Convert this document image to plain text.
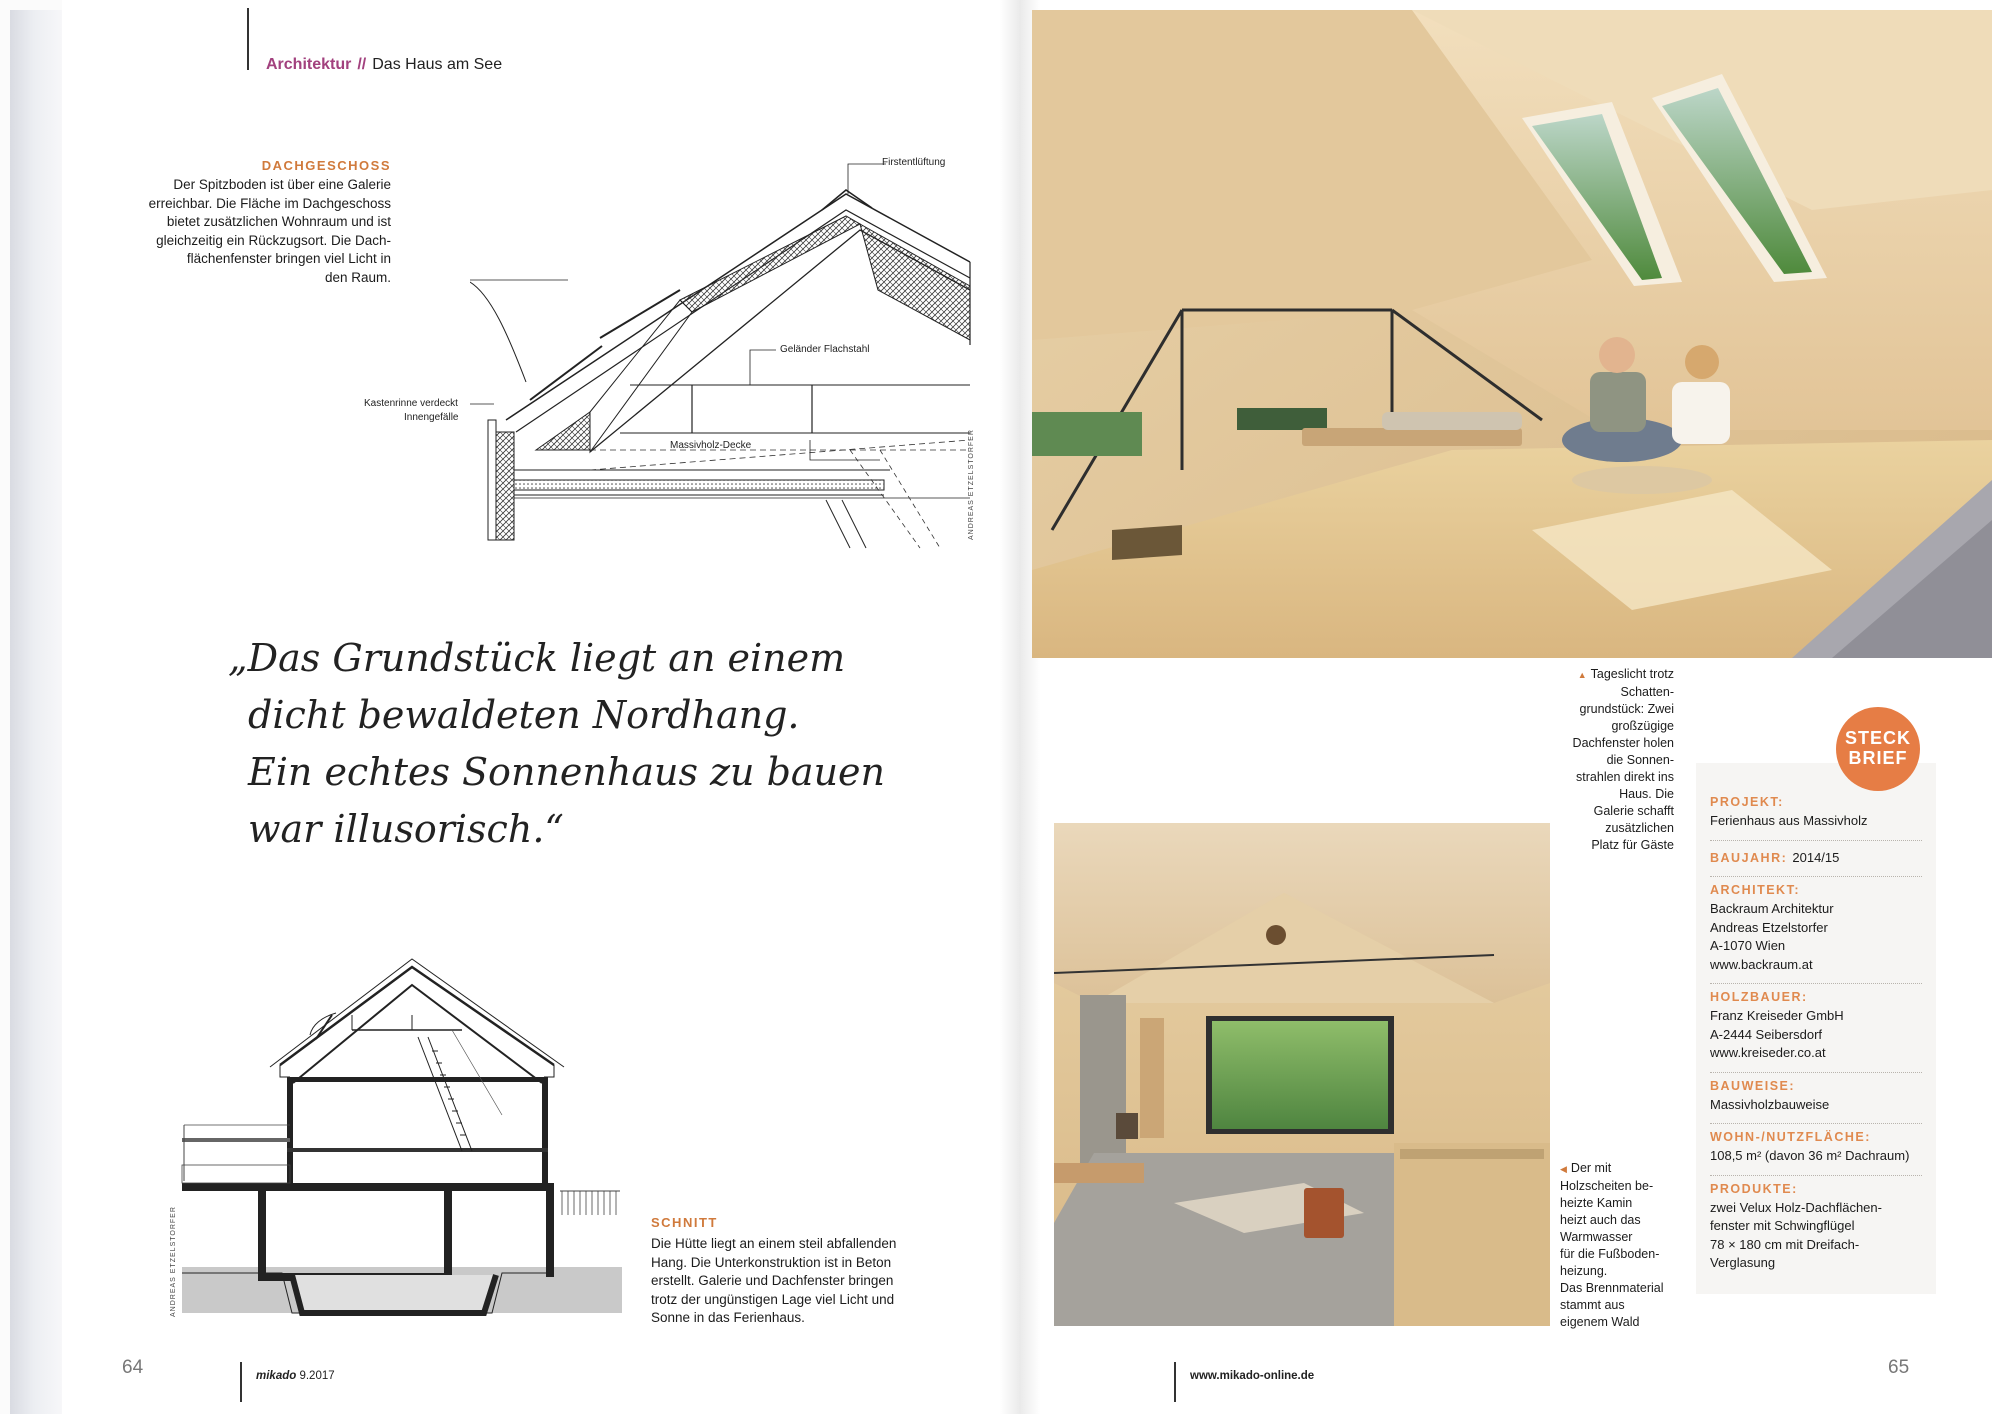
Architektur // Das Haus am See
DACHGESCHOSS
Der Spitzboden ist über eine Galerie
erreichbar. Die Fläche im Dachgeschoss
bietet zusätzlichen Wohnraum und ist
gleichzeitig ein Rückzugsort. Die Dach-
flächenfenster bringen viel Licht in
den Raum.
Firstentlüftung
Geländer Flachstahl
Massivholz-Decke
Kastenrinne verdeckt
Innengefälle
ANDREAS ETZELSTORFER
„Das Grundstück liegt an einem
dicht bewaldeten Nordhang.
Ein echtes Sonnenhaus zu bauen
war illusorisch.“
ANDREAS ETZELSTORFER	SCHNITT
Die Hütte liegt an einem steil abfallenden
Hang. Die Unterkonstruktion ist in Beton
erstellt. Galerie und Dachfenster bringen
trotz der ungünstigen Lage viel Licht und
Sonne in das Ferienhaus.
▲ Tageslicht trotz
Schatten-
grundstück: Zwei
großzügige
Dachfenster holen
die Sonnen-
strahlen direkt ins
Haus. Die
Galerie schafft
zusätzlichen
Platz für Gäste
◀ Der mit
Holzscheiten be-
heizte Kamin
heizt auch das
Warmwasser
für die Fußboden-
heizung.
Das Brennmaterial
stammt aus
eigenem Wald
PROJEKT:
Ferienhaus aus Massivholz
BAUJAHR: 2014/15
ARCHITEKT:
Backraum Architektur
Andreas Etzelstorfer
A-1070 Wien
www.backraum.at
HOLZBAUER:
Franz Kreiseder GmbH
A-2444 Seibersdorf
www.kreiseder.co.at
BAUWEISE:
Massivholzbauweise
WOHN-/NUTZFLÄCHE:
108,5 m² (davon 36 m² Dachraum)
PRODUKTE:
zwei Velux Holz-Dachflächen-
fenster mit Schwingflügel
78 × 180 cm mit Dreifach-
Verglasung
STECK
BRIEF
64	mikado 9.2017	www.mikado-online.de	65
